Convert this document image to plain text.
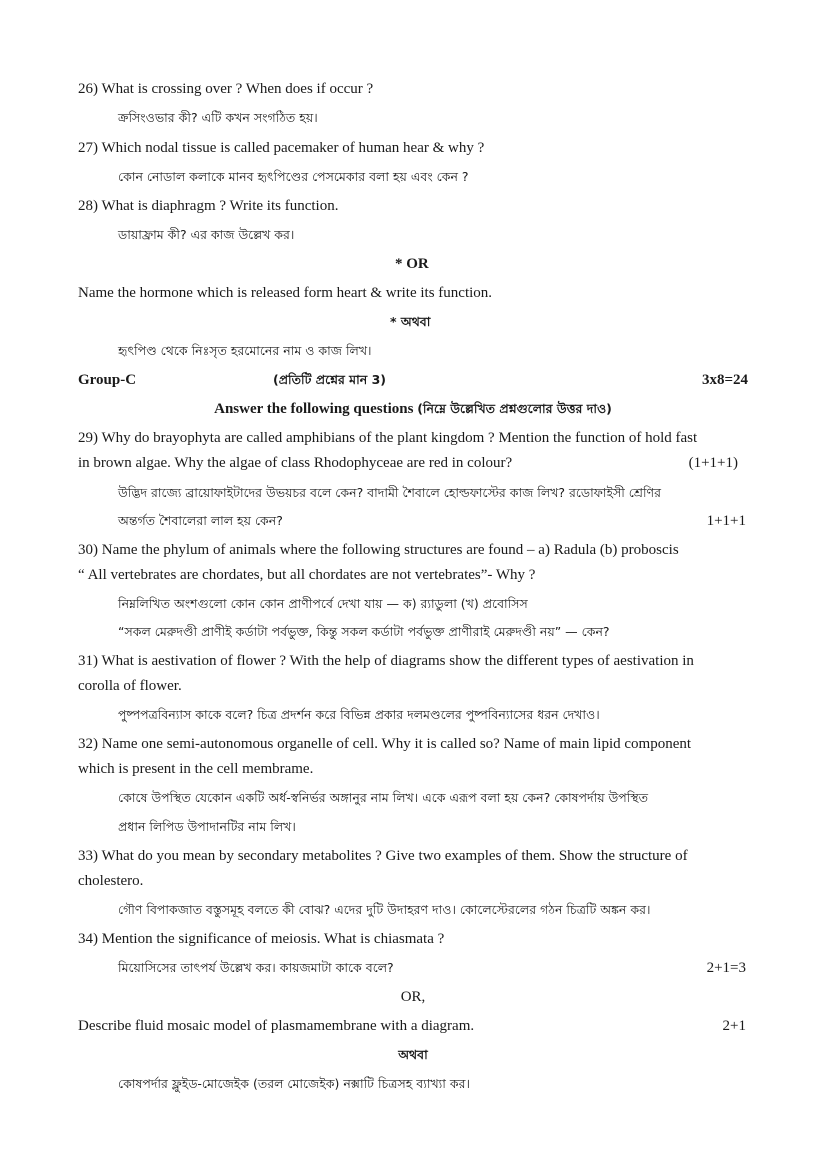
26) What is crossing over ? When does if occur ?
ক্রসিংওভার কী? এটি কখন সংগঠিত হয়।
27) Which nodal tissue is called pacemaker of human hear & why ?
কোন নোডাল কলাকে মানব হৃৎপিণ্ডের পেসমেকার বলা হয় এবং কেন ?
28) What is diaphragm ? Write its function.
ডায়াফ্রাম কী? এর কাজ উল্লেখ কর।
* OR
Name the hormone which is released form heart & write its function.
* অথবা
হৃৎপিণ্ড থেকে নিঃসৃত হরমোনের নাম ও কাজ লিখ।
Group-C	(প্রতিটি প্রশ্নের মান 3)	3x8=24
Answer the following questions (নিম্নে উল্লেখিত প্রশ্নগুলোর উত্তর দাও)
29) Why do brayophyta are called amphibians of the plant kingdom ? Mention the function of hold fast
in brown algae. Why the algae of class Rhodophyceae are red in colour?	(1+1+1)
উদ্ভিদ রাজ্যে ব্রায়োফাইটাদের উভয়চর বলে কেন? বাদামী শৈবালে হোল্ডফাস্টের কাজ লিখ? রডোফাইসী শ্রেণির
অন্তর্গত শৈবালেরা লাল হয় কেন?	1+1+1
30) Name the phylum of animals where the following structures are found – a) Radula (b) proboscis
“ All vertebrates are chordates, but all chordates are not vertebrates”- Why ?
নিম্নলিখিত অংশগুলো কোন কোন প্রাণীপর্বে দেখা যায় — ক) র‍্যাডুলা (খ) প্রবোসিস
“সকল মেরুদণ্ডী প্রাণীই কর্ডাটা পর্বভুক্ত, কিন্তু সকল কর্ডাটা পর্বভুক্ত প্রাণীরাই মেরুদণ্ডী নয়” — কেন?
31) What is aestivation of flower ? With the help of diagrams show the different types of aestivation in
corolla of flower.
পুষ্পপত্রবিন্যাস কাকে বলে? চিত্র প্রদর্শন করে বিভিন্ন প্রকার দলমণ্ডলের পুষ্পবিন্যাসের ধরন দেখাও।
32) Name one semi-autonomous organelle of cell. Why it is called so? Name of main lipid component
which is present in the cell membrame.
কোষে উপস্থিত যেকোন একটি অর্ধ-স্বনির্ভর অঙ্গানুর নাম লিখ। একে এরূপ বলা হয় কেন? কোষপর্দায় উপস্থিত
প্রধান লিপিড উপাদানটির নাম লিখ।
33) What do you mean by secondary metabolites ? Give two examples of them. Show the structure of
cholestero.
গৌণ বিপাকজাত বস্তুসমূহ বলতে কী বোঝ? এদের দুটি উদাহরণ দাও। কোলেস্টেরলের গঠন চিত্রটি অঙ্কন কর।
34) Mention the significance of meiosis. What is chiasmata ?
মিয়োসিসের তাৎপর্য উল্লেখ কর। কায়জমাটা কাকে বলে?	2+1=3
OR,
Describe fluid mosaic model of plasmamembrane with a diagram.	2+1
অথবা
কোষপর্দার ফ্লুইড-মোজেইক (তরল মোজেইক) নক্সাটি চিত্রসহ ব্যাখ্যা কর।
